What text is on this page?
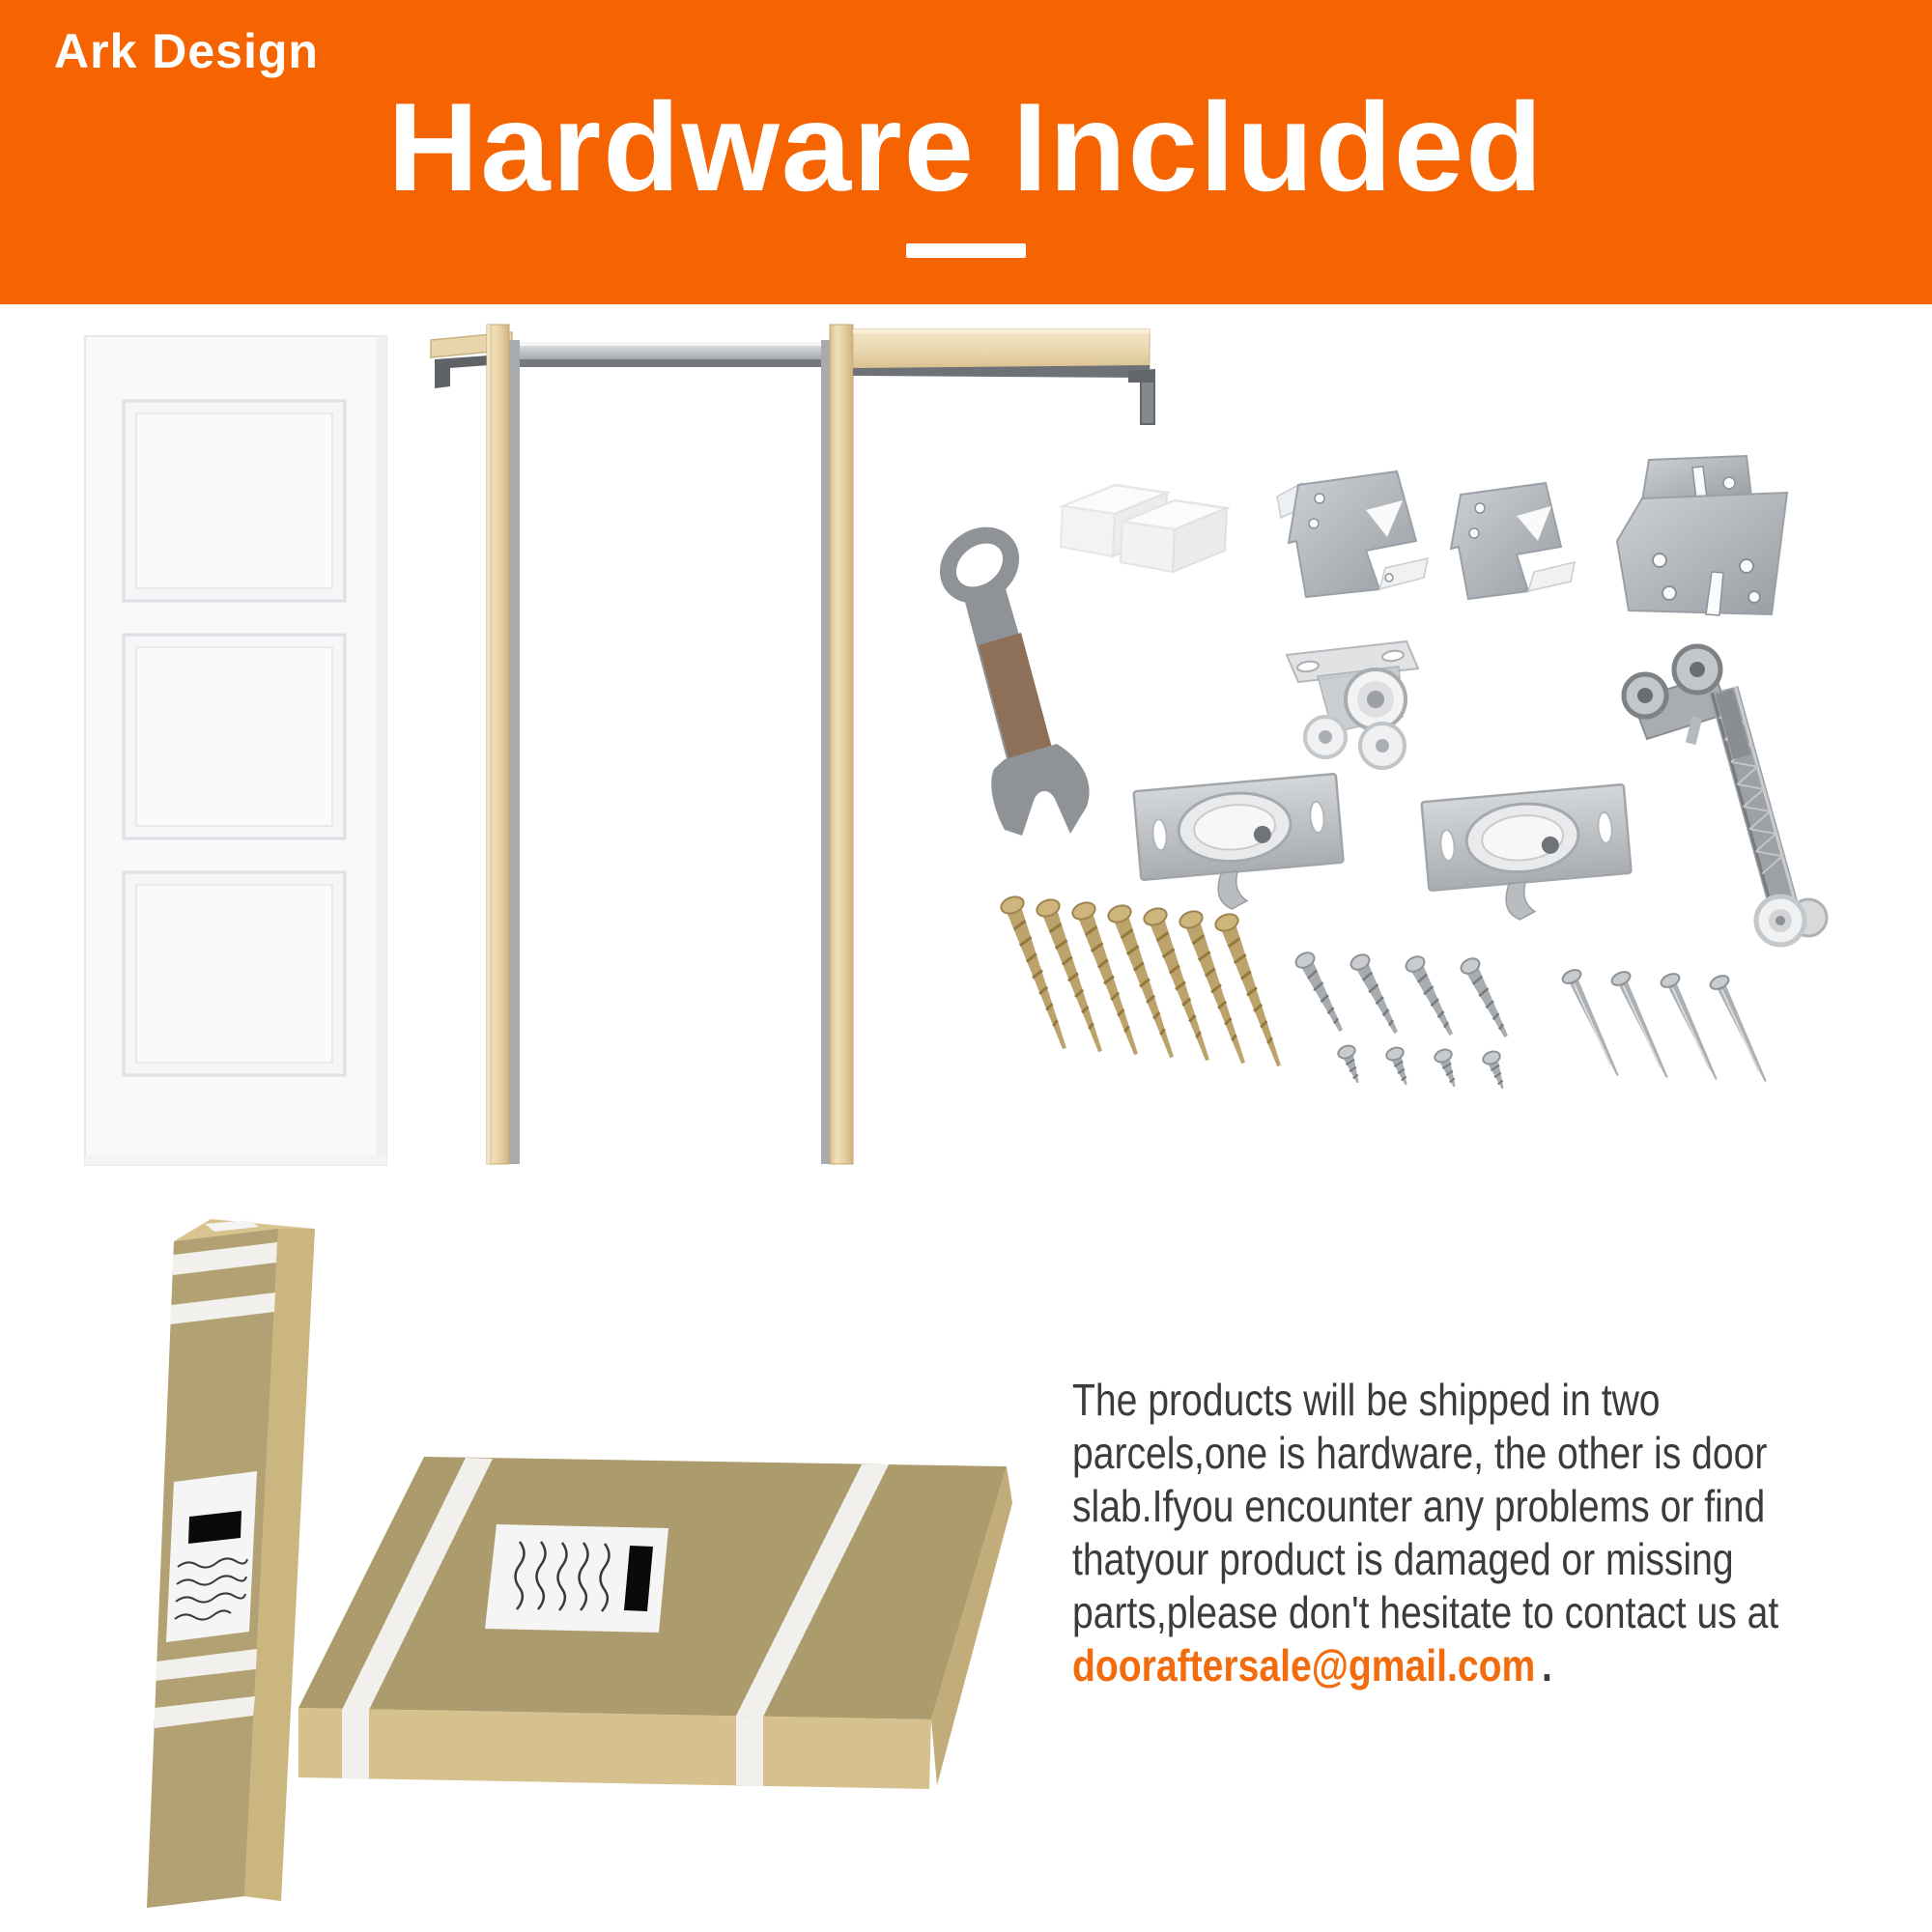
Ark Design
Hardware Included
The products will be shipped in two
parcels,one is hardware, the other is door
slab.Ifyou encounter any problems or find
thatyour product is damaged or missing
parts,please don't hesitate to contact us at
dooraftersale@gmail.com .
